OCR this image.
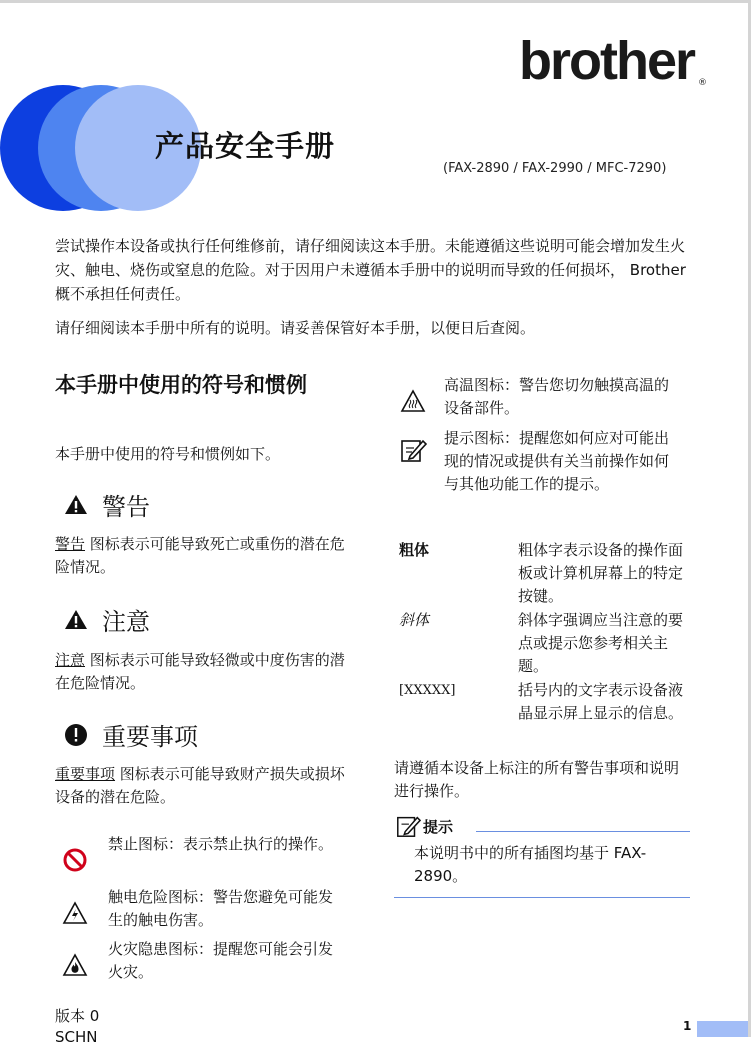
brother ®
产品安全手册
(FAX-2890 / FAX-2990 / MFC-7290)

尝试操作本设备或执行任何维修前，请仔细阅读这本手册。未能遵循这些说明可能会增加发生火灾、触电、烧伤或窒息的危险。对于因用户未遵循本手册中的说明而导致的任何损坏， Brother 概不承担任何责任。

请仔细阅读本手册中所有的说明。请妥善保管好本手册，以便日后查阅。

本手册中使用的符号和惯例
本手册中使用的符号和惯例如下。
警告
警告 图标表示可能导致死亡或重伤的潜在危险情况。
注意
注意 图标表示可能导致轻微或中度伤害的潜在危险情况。
重要事项
重要事项 图标表示可能导致财产损失或损坏设备的潜在危险。
禁止图标：表示禁止执行的操作。
触电危险图标：警告您避免可能发生的触电伤害。
火灾隐患图标：提醒您可能会引发火灾。
版本 0
SCHN
高温图标：警告您切勿触摸高温的设备部件。
提示图标：提醒您如何应对可能出现的情况或提供有关当前操作如何与其他功能工作的提示。
粗体	粗体字表示设备的操作面板或计算机屏幕上的特定按键。
斜体	斜体字强调应当注意的要点或提示您参考相关主题。
[XXXXX]	括号内的文字表示设备液晶显示屏上显示的信息。
请遵循本设备上标注的所有警告事项和说明进行操作。
提示
本说明书中的所有插图均基于 FAX-2890。
1
